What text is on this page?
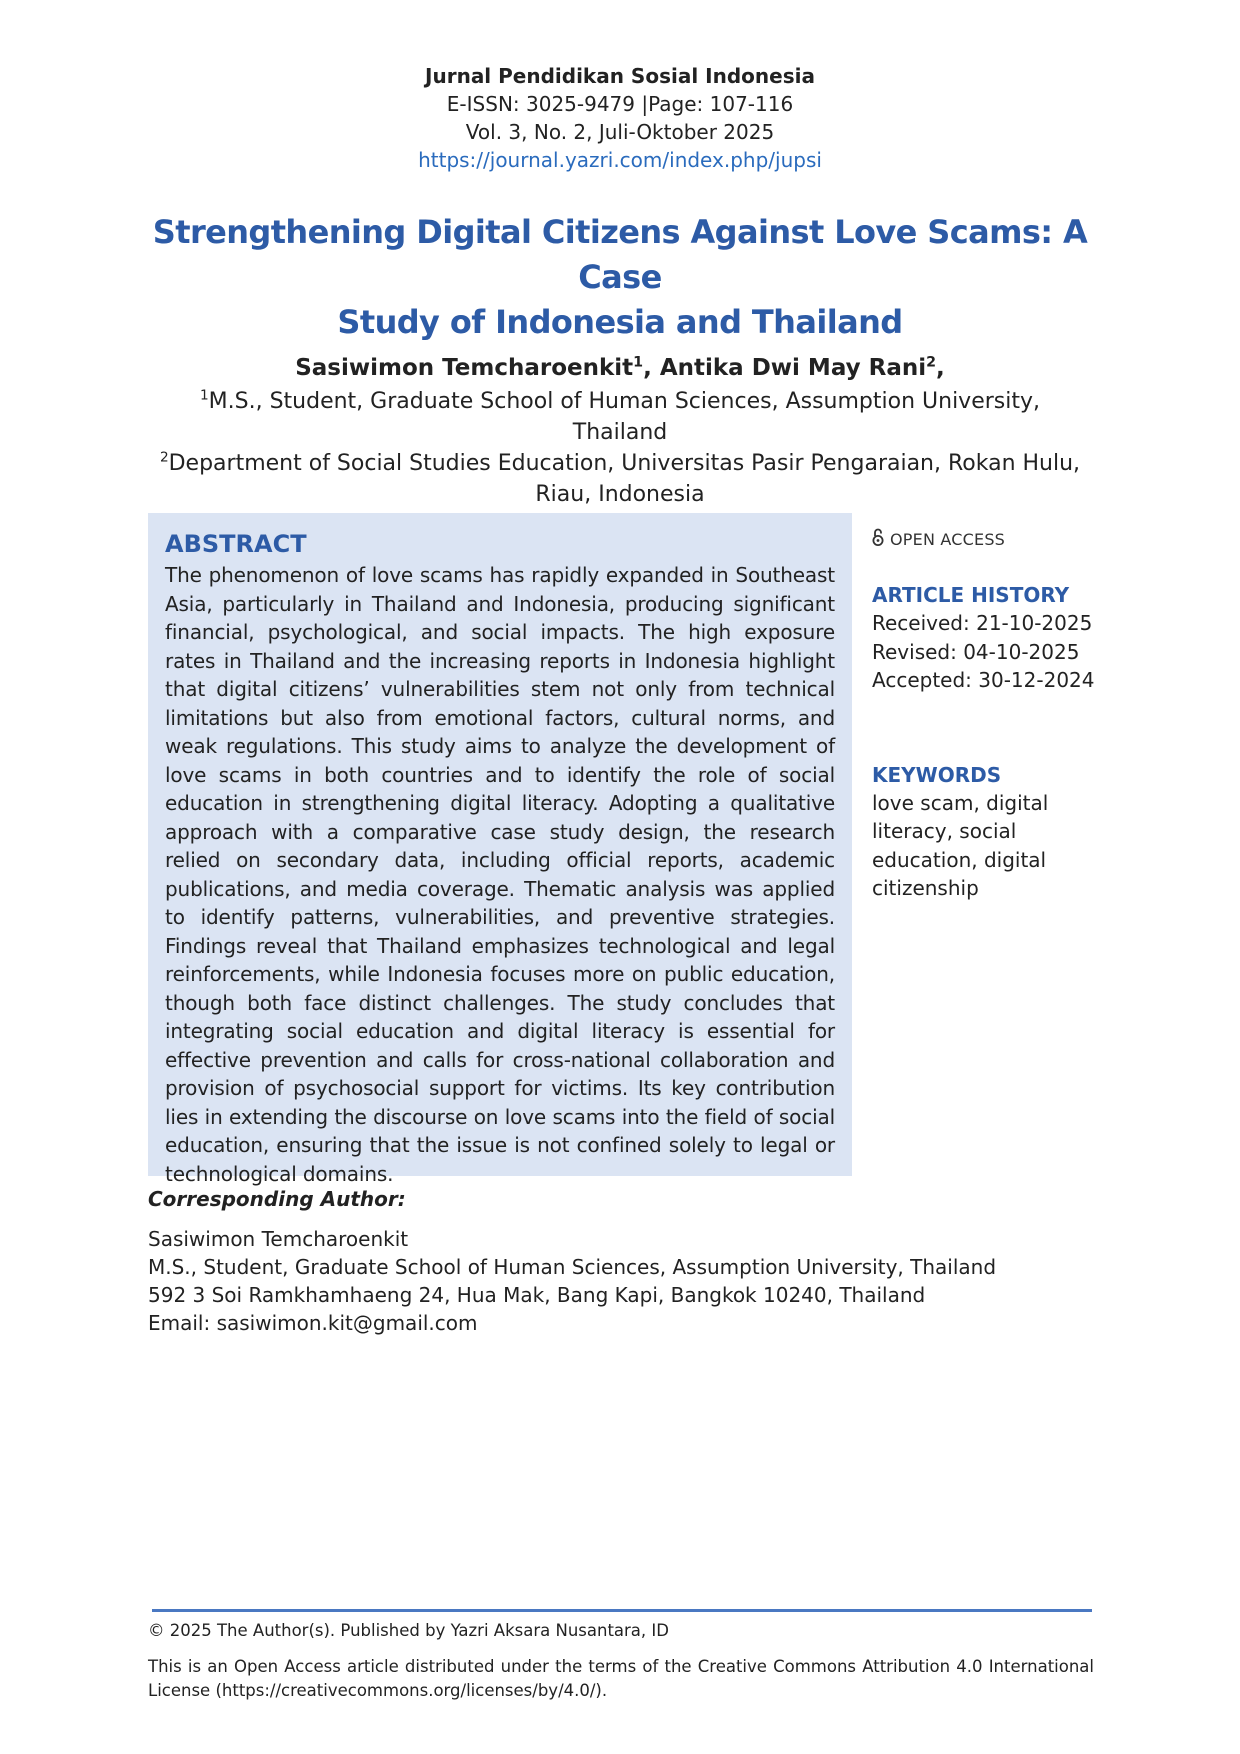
Jurnal Pendidikan Sosial Indonesia
E-ISSN: 3025-9479 |Page: 107-116
Vol. 3, No. 2, Juli-Oktober 2025
https://journal.yazri.com/index.php/jupsi
Strengthening Digital Citizens Against Love Scams: A Case
Study of Indonesia and Thailand
Sasiwimon Temcharoenkit$^1$, Antika Dwi May Rani$^2$,
$^1$M.S., Student, Graduate School of Human Sciences, Assumption University, Thailand
$^2$Department of Social Studies Education, Universitas Pasir Pengaraian, Rokan Hulu, Riau, Indonesia
ABSTRACT
The phenomenon of love scams has rapidly expanded in Southeast Asia, particularly in Thailand and Indonesia, producing significant financial, psychological, and social impacts. The high exposure rates in Thailand and the increasing reports in Indonesia highlight that digital citizens’ vulnerabilities stem not only from technical limitations but also from emotional factors, cultural norms, and weak regulations. This study aims to analyze the development of love scams in both countries and to identify the role of social education in strengthening digital literacy. Adopting a qualitative approach with a comparative case study design, the research relied on secondary data, including official reports, academic publications, and media coverage. Thematic analysis was applied to identify patterns, vulnerabilities, and preventive strategies. Findings reveal that Thailand emphasizes technological and legal reinforcements, while Indonesia focuses more on public education, though both face distinct challenges. The study concludes that integrating social education and digital literacy is essential for effective prevention and calls for cross-national collaboration and provision of psychosocial support for victims. Its key contribution lies in extending the discourse on love scams into the field of social education, ensuring that the issue is not confined solely to legal or technological domains.
OPEN ACCESS
ARTICLE HISTORY
Received: 21-10-2025
Revised: 04-10-2025
Accepted: 30-12-2024
KEYWORDS
love scam, digital literacy, social education, digital citizenship
Corresponding Author:
Sasiwimon Temcharoenkit
M.S., Student, Graduate School of Human Sciences, Assumption University, Thailand
592 3 Soi Ramkhamhaeng 24, Hua Mak, Bang Kapi, Bangkok 10240, Thailand
Email: sasiwimon.kit@gmail.com
© 2025 The Author(s). Published by Yazri Aksara Nusantara, ID
This is an Open Access article distributed under the terms of the Creative Commons Attribution 4.0 International License (https://creativecommons.org/licenses/by/4.0/).
